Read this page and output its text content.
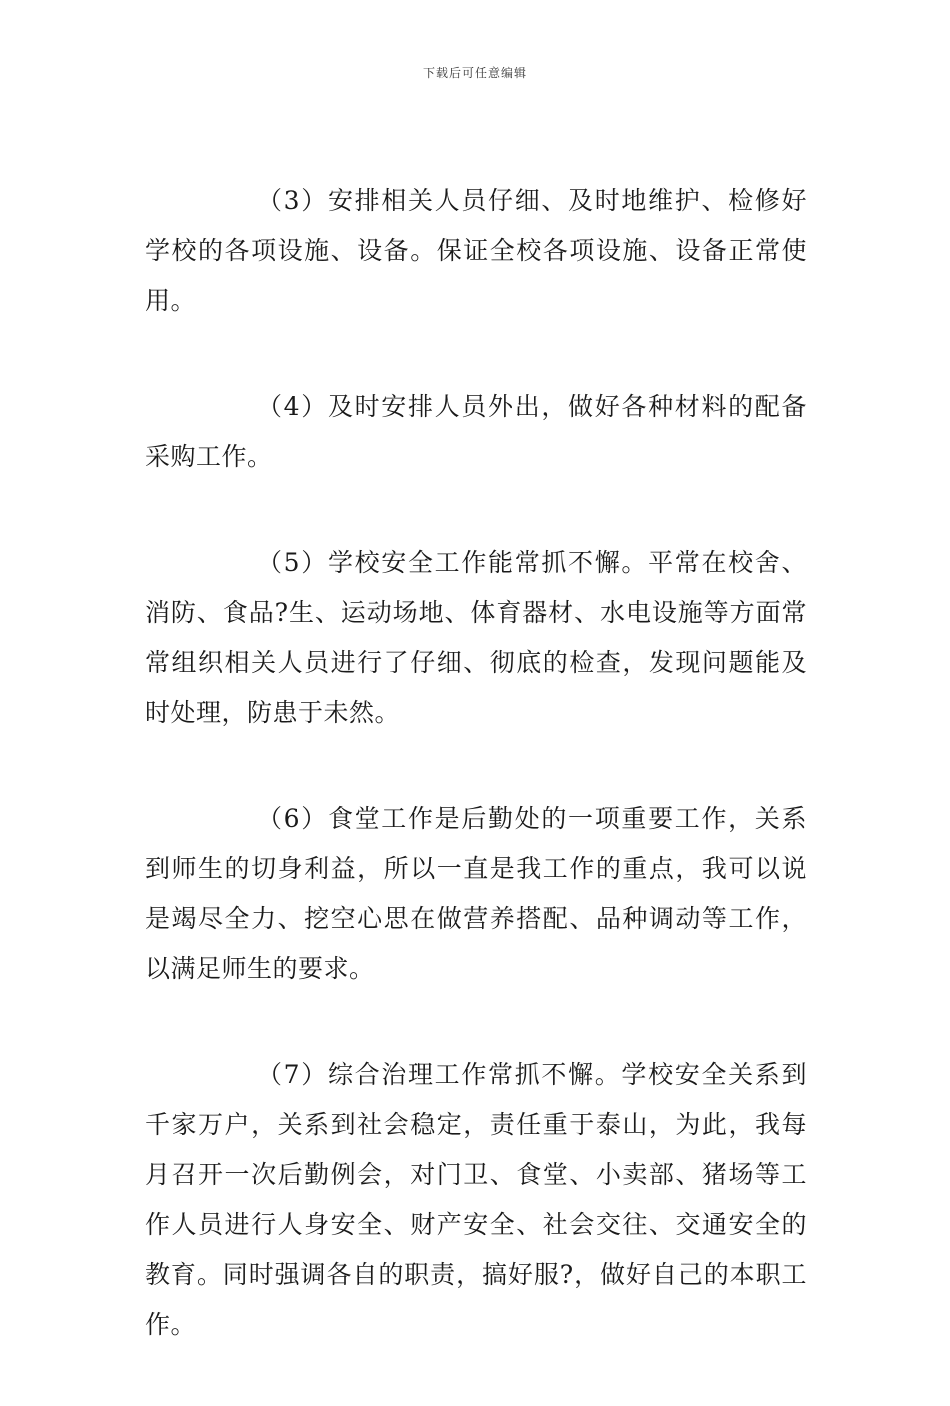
下载后可任意编辑

（3）安排相关人员仔细、及时地维护、检修好学校的各项设施、设备。保证全校各项设施、设备正常使用。

（4）及时安排人员外出，做好各种材料的配备采购工作。

（5）学校安全工作能常抓不懈。平常在校舍、消防、食品?生、运动场地、体育器材、水电设施等方面常常组织相关人员进行了仔细、彻底的检查，发现问题能及时处理，防患于未然。

（6）食堂工作是后勤处的一项重要工作，关系到师生的切身利益，所以一直是我工作的重点，我可以说是竭尽全力、挖空心思在做营养搭配、品种调动等工作，以满足师生的要求。

（7）综合治理工作常抓不懈。学校安全关系到千家万户，关系到社会稳定，责任重于泰山，为此，我每月召开一次后勤例会，对门卫、食堂、小卖部、猪场等工作人员进行人身安全、财产安全、社会交往、交通安全的教育。同时强调各自的职责，搞好服?，做好自己的本职工作。
